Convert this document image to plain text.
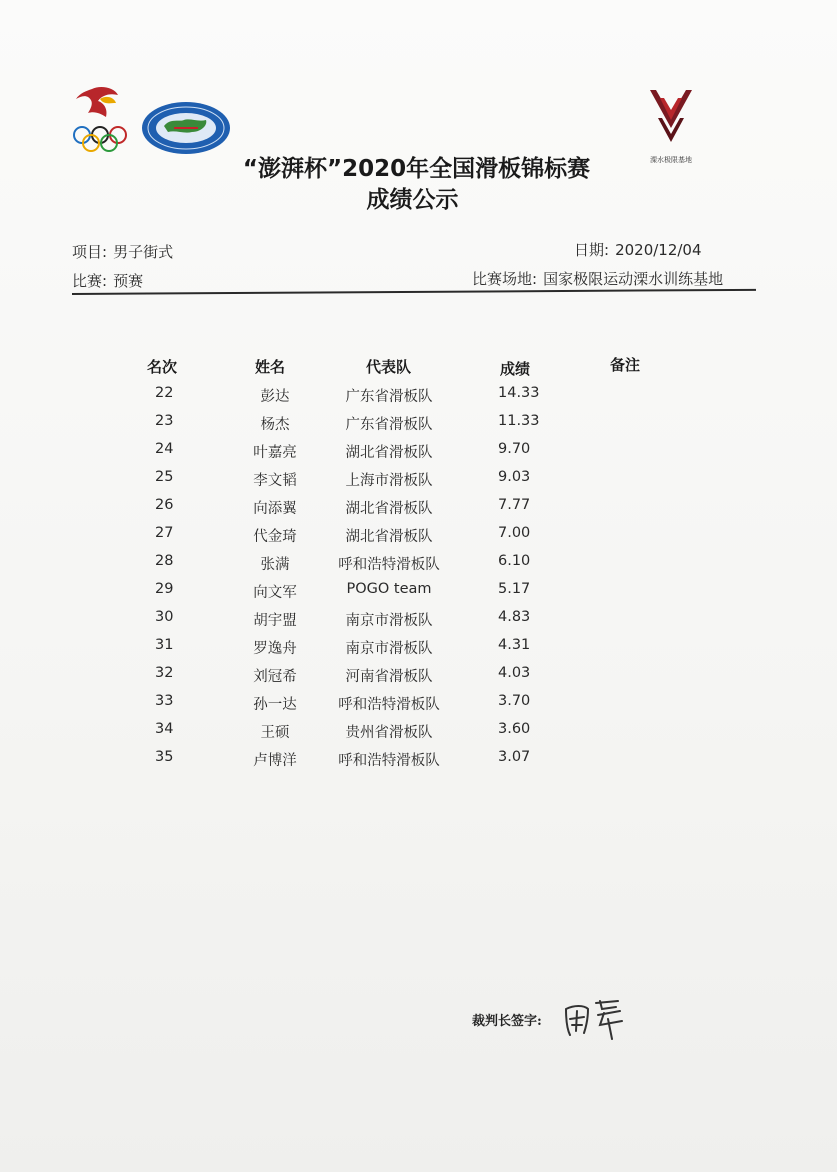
溧水极限基地
“澎湃杯”2020年全国滑板锦标赛
成绩公示
项目: 男子街式	日期: 2020/12/04
比赛: 预赛	比赛场地: 国家极限运动溧水训练基地
名次	姓名	代表队	成绩	备注
22	彭达	广东省滑板队	14.33
23	杨杰	广东省滑板队	11.33
24	叶嘉亮	湖北省滑板队	9.70
25	李文韬	上海市滑板队	9.03
26	向添翼	湖北省滑板队	7.77
27	代金琦	湖北省滑板队	7.00
28	张满	呼和浩特滑板队	6.10
29	向文军	POGO team	5.17
30	胡宇盟	南京市滑板队	4.83
31	罗逸舟	南京市滑板队	4.31
32	刘冠希	河南省滑板队	4.03
33	孙一达	呼和浩特滑板队	3.70
34	王硕	贵州省滑板队	3.60
35	卢博洋	呼和浩特滑板队	3.07
裁判长签字:
